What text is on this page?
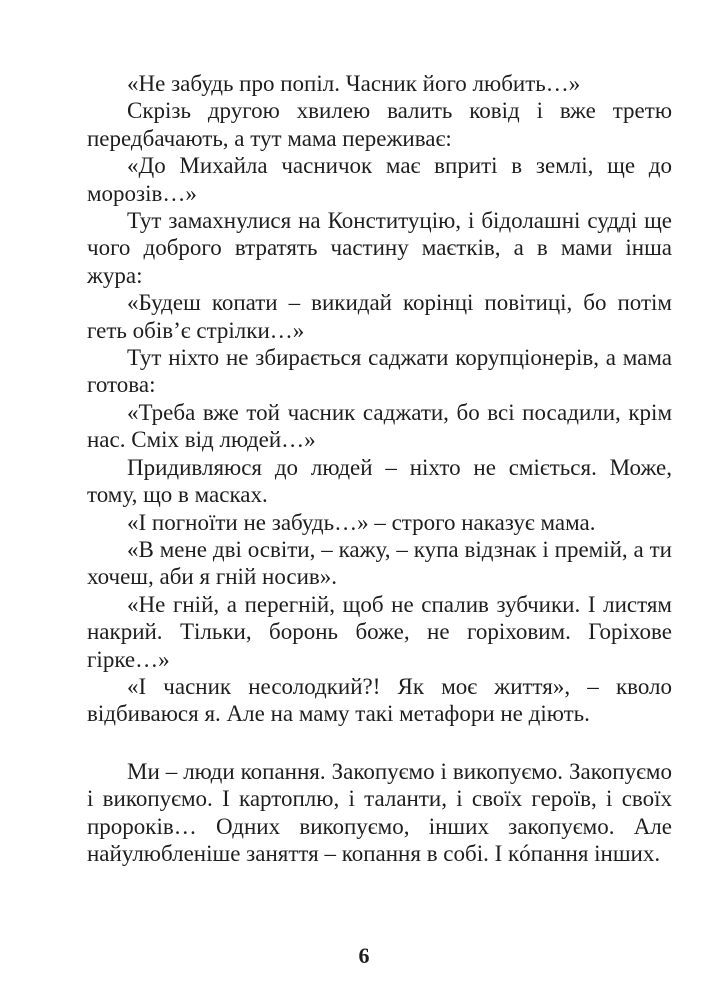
«Не забудь про попіл. Часник його любить…»

Скрізь другою хвилею валить ковід і вже третю передбачають, а тут мама переживає:

«До Михайла часничок має вприті в землі, ще до морозів…»

Тут замахнулися на Конституцію, і бідолашні судді ще чого доброго втратять частину маєтків, а в мами інша жура:

«Будеш копати – викидай корінці повітиці, бо потім геть обів’є стрілки…»

Тут ніхто не збирається саджати корупціонерів, а мама готова:

«Треба вже той часник саджати, бо всі посадили, крім нас. Сміх від людей…»

Придивляюся до людей – ніхто не сміється. Може, тому, що в масках.

«І погноїти не забудь…» – строго наказує мама.

«В мене дві освіти, – кажу, – купа відзнак і премій, а ти хочеш, аби я гній носив».

«Не гній, а перегній, щоб не спалив зубчики. І листям накрий. Тільки, боронь боже, не горіховим. Горіхове гірке…»

«І часник несолодкий?! Як моє життя», – кволо відбиваюся я. Але на маму такі метафори не діють.

Ми – люди копання. Закопуємо і викопуємо. Закопуємо і викопуємо. І картоплю, і таланти, і своїх героїв, і своїх пророків… Одних викопуємо, інших закопуємо. Але найулюбленіше заняття – копання в собі. І кóпання інших.

6
